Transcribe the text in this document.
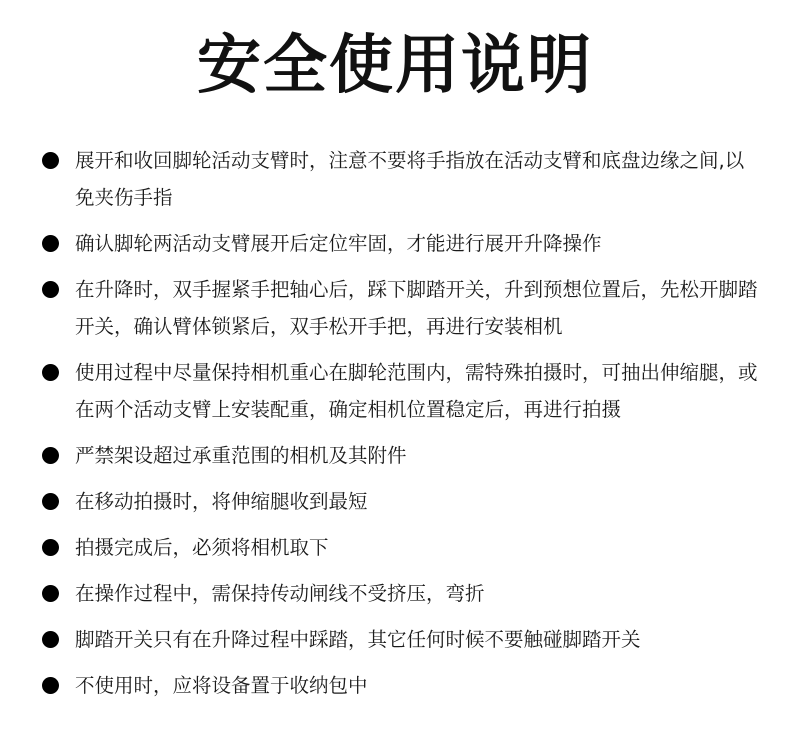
安全使用说明
展开和收回脚轮活动支臂时，注意不要将手指放在活动支臂和底盘边缘之间,以免夹伤手指
确认脚轮两活动支臂展开后定位牢固，才能进行展开升降操作
在升降时，双手握紧手把轴心后，踩下脚踏开关，升到预想位置后，先松开脚踏开关，确认臂体锁紧后，双手松开手把，再进行安装相机
使用过程中尽量保持相机重心在脚轮范围内，需特殊拍摄时，可抽出伸缩腿，或在两个活动支臂上安装配重，确定相机位置稳定后，再进行拍摄
严禁架设超过承重范围的相机及其附件
在移动拍摄时，将伸缩腿收到最短
拍摄完成后，必须将相机取下
在操作过程中，需保持传动闸线不受挤压，弯折
脚踏开关只有在升降过程中踩踏，其它任何时候不要触碰脚踏开关
不使用时，应将设备置于收纳包中
